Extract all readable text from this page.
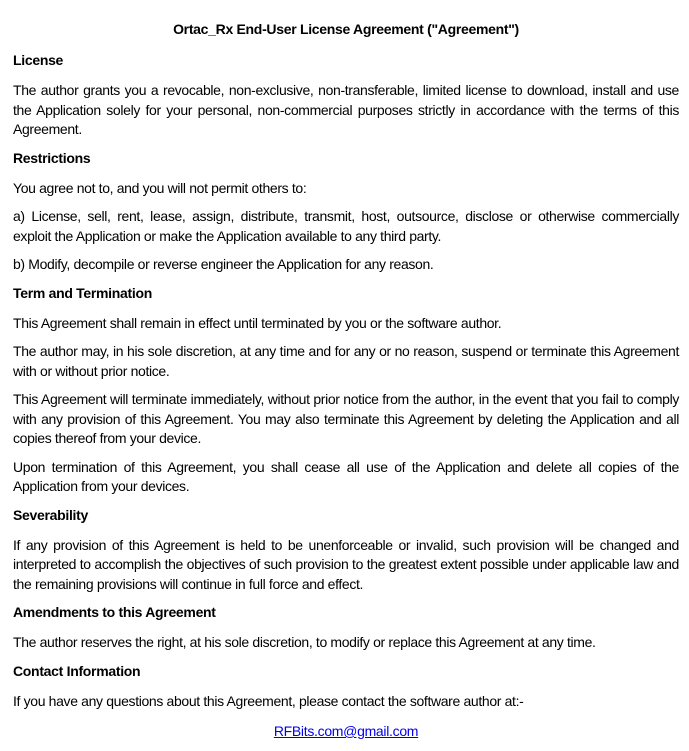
Ortac_Rx End-User License Agreement ("Agreement")
License

The author grants you a revocable, non-exclusive, non-transferable, limited license to download, install and use the Application solely for your personal, non-commercial purposes strictly in accordance with the terms of this Agreement.

Restrictions

You agree not to, and you will not permit others to:

a) License, sell, rent, lease, assign, distribute, transmit, host, outsource, disclose or otherwise commercially exploit the Application or make the Application available to any third party.

b) Modify, decompile or reverse engineer the Application for any reason.

Term and Termination

This Agreement shall remain in effect until terminated by you or the software author.

The author may, in his sole discretion, at any time and for any or no reason, suspend or terminate this Agreement with or without prior notice.

This Agreement will terminate immediately, without prior notice from the author, in the event that you fail to comply with any provision of this Agreement. You may also terminate this Agreement by deleting the Application and all copies thereof from your device.

Upon termination of this Agreement, you shall cease all use of the Application and delete all copies of the Application from your devices.

Severability

If any provision of this Agreement is held to be unenforceable or invalid, such provision will be changed and interpreted to accomplish the objectives of such provision to the greatest extent possible under applicable law and the remaining provisions will continue in full force and effect.

Amendments to this Agreement

The author reserves the right, at his sole discretion, to modify or replace this Agreement at any time.

Contact Information

If you have any questions about this Agreement, please contact the software author at:-

RFBits.com@gmail.com
